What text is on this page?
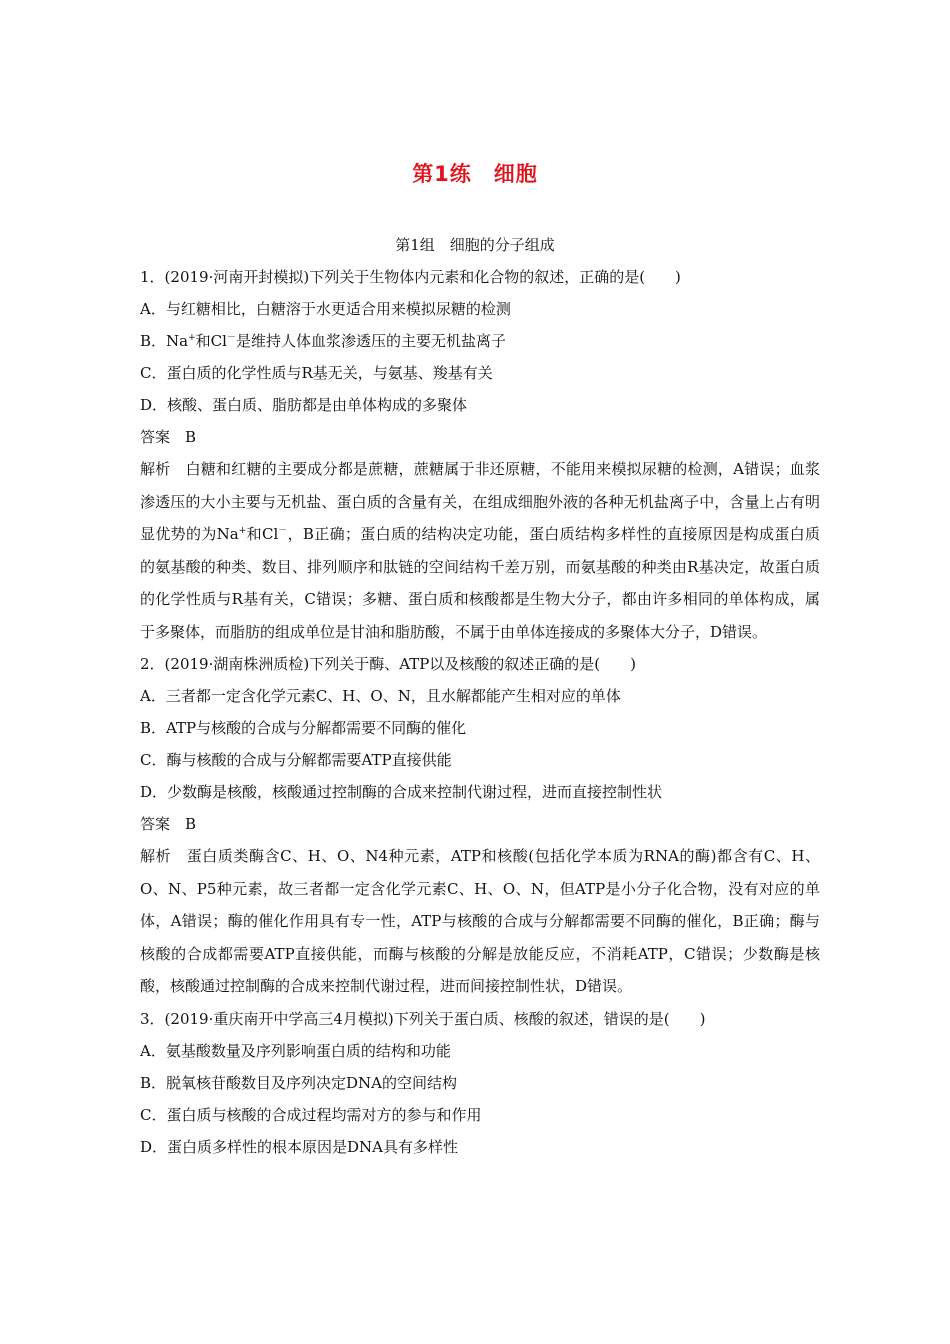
第1练　细胞
第1组　细胞的分子组成
1．(2019·河南开封模拟)下列关于生物体内元素和化合物的叙述，正确的是(　　)
A．与红糖相比，白糖溶于水更适合用来模拟尿糖的检测
B．Na+和Cl－是维持人体血浆渗透压的主要无机盐离子
C．蛋白质的化学性质与R基无关，与氨基、羧基有关
D．核酸、蛋白质、脂肪都是由单体构成的多聚体
答案　B
解析　白糖和红糖的主要成分都是蔗糖，蔗糖属于非还原糖，不能用来模拟尿糖的检测，A错误；血浆渗透压的大小主要与无机盐、蛋白质的含量有关，在组成细胞外液的各种无机盐离子中，含量上占有明显优势的为Na+和Cl－，B正确；蛋白质的结构决定功能，蛋白质结构多样性的直接原因是构成蛋白质的氨基酸的种类、数目、排列顺序和肽链的空间结构千差万别，而氨基酸的种类由R基决定，故蛋白质的化学性质与R基有关，C错误；多糖、蛋白质和核酸都是生物大分子，都由许多相同的单体构成，属于多聚体，而脂肪的组成单位是甘油和脂肪酸，不属于由单体连接成的多聚体大分子，D错误。
2．(2019·湖南株洲质检)下列关于酶、ATP以及核酸的叙述正确的是(　　)
A．三者都一定含化学元素C、H、O、N，且水解都能产生相对应的单体
B．ATP与核酸的合成与分解都需要不同酶的催化
C．酶与核酸的合成与分解都需要ATP直接供能
D．少数酶是核酸，核酸通过控制酶的合成来控制代谢过程，进而直接控制性状
答案　B
解析　蛋白质类酶含C、H、O、N4种元素，ATP和核酸(包括化学本质为RNA的酶)都含有C、H、O、N、P5种元素，故三者都一定含化学元素C、H、O、N，但ATP是小分子化合物，没有对应的单体，A错误；酶的催化作用具有专一性，ATP与核酸的合成与分解都需要不同酶的催化，B正确；酶与核酸的合成都需要ATP直接供能，而酶与核酸的分解是放能反应，不消耗ATP，C错误；少数酶是核酸，核酸通过控制酶的合成来控制代谢过程，进而间接控制性状，D错误。
3．(2019·重庆南开中学高三4月模拟)下列关于蛋白质、核酸的叙述，错误的是(　　)
A．氨基酸数量及序列影响蛋白质的结构和功能
B．脱氧核苷酸数目及序列决定DNA的空间结构
C．蛋白质与核酸的合成过程均需对方的参与和作用
D．蛋白质多样性的根本原因是DNA具有多样性
